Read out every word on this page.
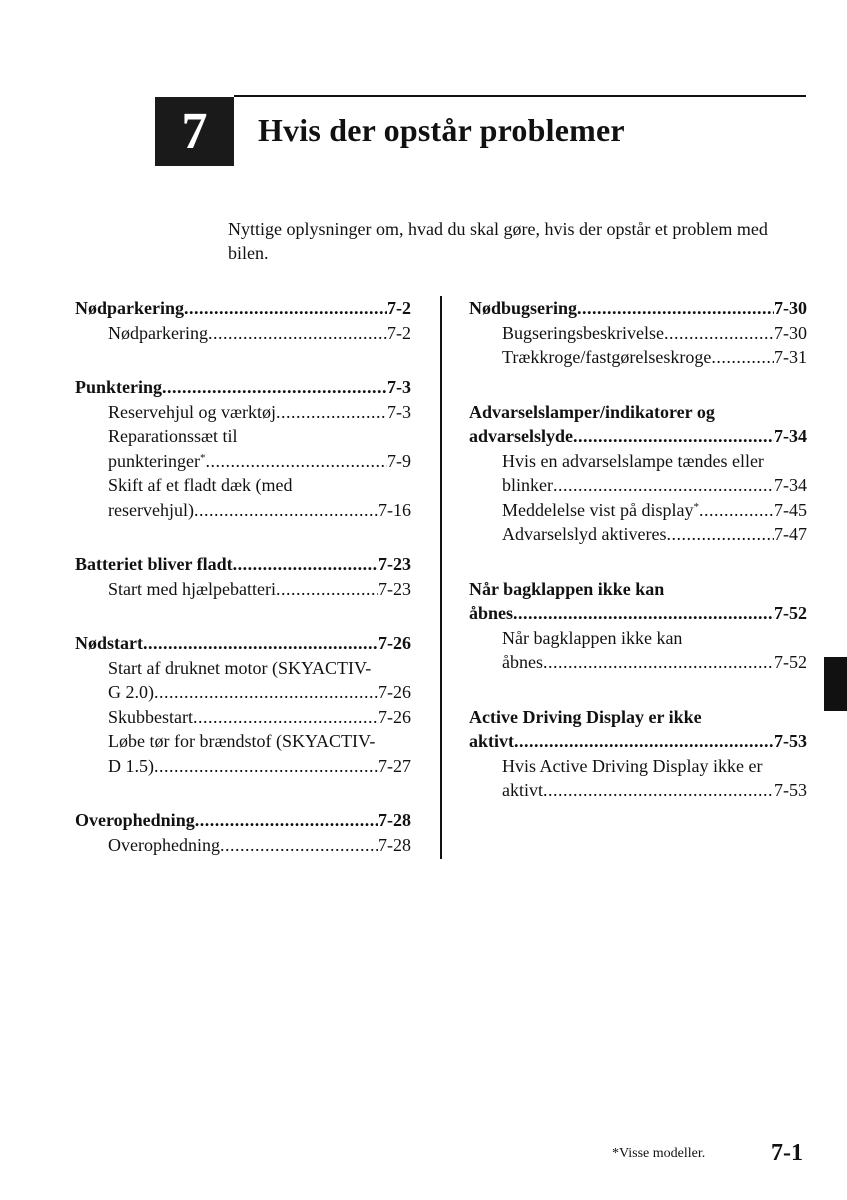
7 Hvis der opstår problemer
Nyttige oplysninger om, hvad du skal gøre, hvis der opstår et problem med bilen.
Nødparkering .....	7-2
Nødparkering .....	7-2
Punktering .....	7-3
Reservehjul og værktøj .....	7-3
Reparationssæt til
punkteringer* .....	7-9
Skift af et fladt dæk (med
reservehjul) .....	7-16
Batteriet bliver fladt .....	7-23
Start med hjælpebatteri .....	7-23
Nødstart .....	7-26
Start af druknet motor (SKYACTIV-
G 2.0) .....	7-26
Skubbestart .....	7-26
Løbe tør for brændstof (SKYACTIV-
D 1.5) .....	7-27
Overophedning .....	7-28
Overophedning .....	7-28
Nødbugsering .....	7-30
Bugseringsbeskrivelse .....	7-30
Trækkroge/fastgørelseskroge .....	7-31
Advarselslamper/indikatorer og
advarselslyde .....	7-34
Hvis en advarselslampe tændes eller
blinker .....	7-34
Meddelelse vist på display* .....	7-45
Advarselslyd aktiveres .....	7-47
Når bagklappen ikke kan
åbnes .....	7-52
Når bagklappen ikke kan
åbnes .....	7-52
Active Driving Display er ikke
aktivt .....	7-53
Hvis Active Driving Display ikke er
aktivt .....	7-53
*Visse modeller.	7-1
